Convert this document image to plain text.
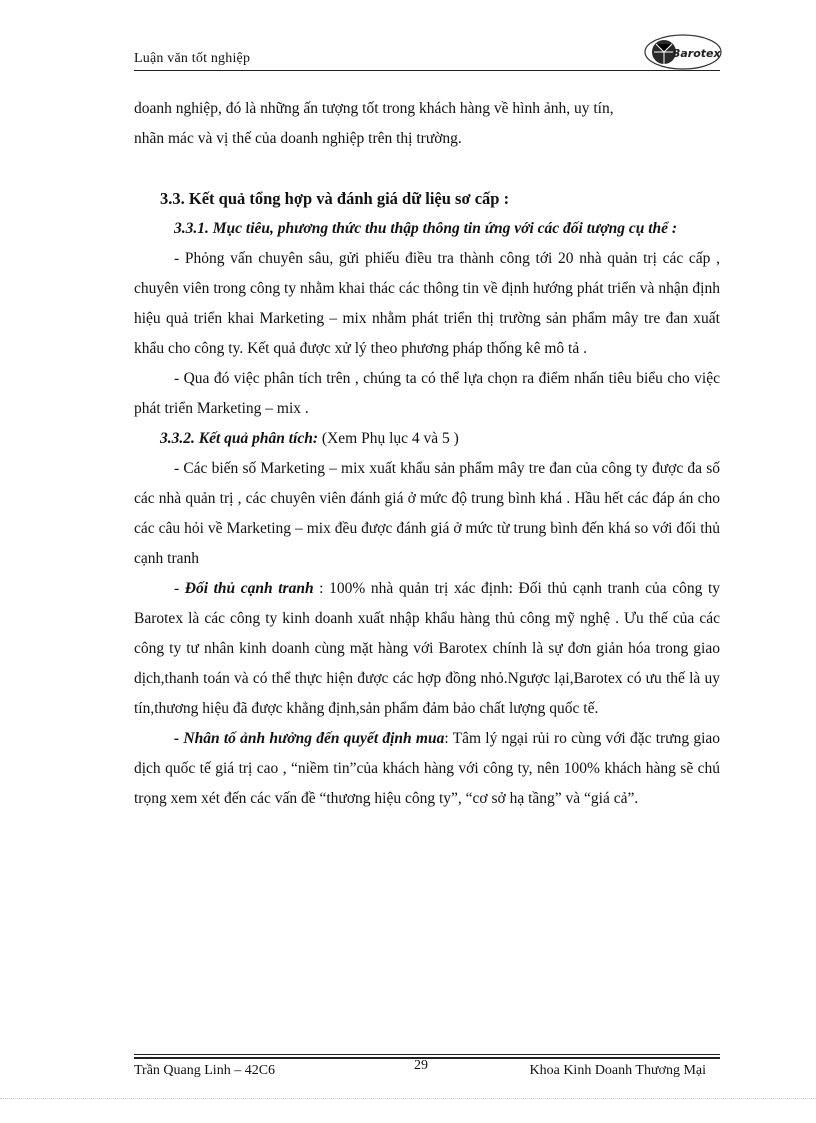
Luận văn tốt nghiệp	Barotex

doanh nghiệp, đó là những ấn tượng tốt trong khách hàng về hình ảnh, uy tín,
nhãn mác và vị thế của doanh nghiệp trên thị trường.

3.3. Kết quả tổng hợp và đánh giá dữ liệu sơ cấp :

3.3.1. Mục tiêu, phương thức thu thập thông tin ứng với các đối tượng cụ thể :

- Phỏng vấn chuyên sâu, gửi phiếu điều tra thành công tới 20 nhà quản trị các cấp , chuyên viên trong công ty nhằm khai thác các thông tin về định hướng phát triển và nhận định hiệu quả triển khai Marketing – mix nhằm phát triển thị trường sản phẩm mây tre đan xuất khẩu cho công ty. Kết quả được xử lý theo phương pháp thống kê mô tả .

- Qua đó việc phân tích trên , chúng ta có thể lựa chọn ra điểm nhấn tiêu biểu cho việc phát triển Marketing – mix .

3.3.2. Kết quả phân tích: (Xem Phụ lục 4 và 5 )

- Các biến số Marketing – mix xuất khẩu sản phẩm mây tre đan của công ty được đa số các nhà quản trị , các chuyên viên đánh giá ở mức độ trung bình khá . Hầu hết các đáp án cho các câu hỏi về Marketing – mix đều được đánh giá ở mức từ trung bình đến khá so với đối thủ cạnh tranh

- Đối thủ cạnh tranh : 100% nhà quản trị xác định: Đối thủ cạnh tranh của công ty Barotex là các công ty kinh doanh xuất nhập khẩu hàng thủ công mỹ nghệ . Ưu thế của các công ty tư nhân kinh doanh cùng mặt hàng với Barotex chính là sự đơn giản hóa trong giao dịch,thanh toán và có thể thực hiện được các hợp đồng nhỏ.Ngược lại,Barotex có ưu thế là uy tín,thương hiệu đã được khẳng định,sản phẩm đảm bảo chất lượng quốc tế.

- Nhân tố ảnh hưởng đến quyết định mua: Tâm lý ngại rủi ro cùng với đặc trưng giao dịch quốc tế giá trị cao , “niềm tin”của khách hàng với công ty, nên 100% khách hàng sẽ chú trọng xem xét đến các vấn đề “thương hiệu công ty”, “cơ sở hạ tầng” và “giá cả”.

Trần Quang Linh – 42C6	29	Khoa Kinh Doanh Thương Mại
